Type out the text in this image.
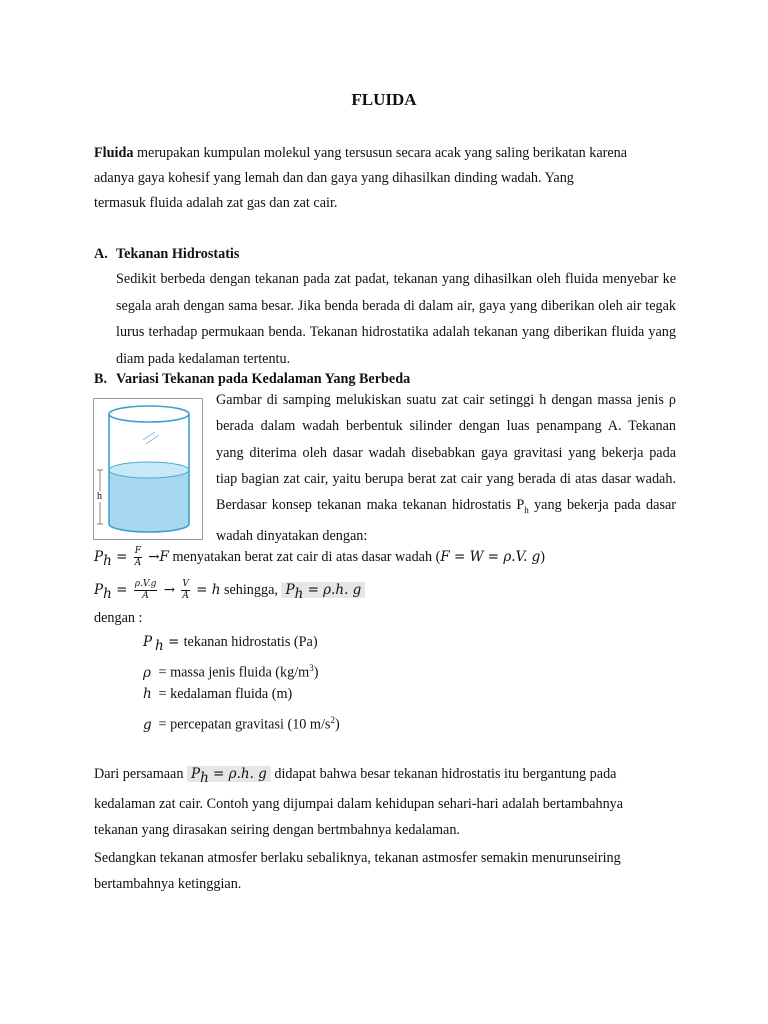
FLUIDA
Fluida merupakan kumpulan molekul yang tersusun secara acak yang saling berikatan karena
adanya gaya kohesif yang lemah dan dan gaya yang dihasilkan dinding wadah. Yang
termasuk fluida adalah zat gas dan zat cair.
A. Tekanan Hidrostatis
Sedikit berbeda dengan tekanan pada zat padat, tekanan yang dihasilkan oleh fluida menyebar ke segala arah dengan sama besar. Jika benda berada di dalam air, gaya yang diberikan oleh air tegak lurus terhadap permukaan benda. Tekanan hidrostatika adalah tekanan yang diberikan fluida yang diam pada kedalaman tertentu.
B. Variasi Tekanan pada Kedalaman Yang Berbeda
h
Gambar di samping melukiskan suatu zat cair setinggi h dengan massa jenis ρ berada dalam wadah berbentuk silinder dengan luas penampang A. Tekanan yang diterima oleh dasar wadah disebabkan gaya gravitasi yang bekerja pada tiap bagian zat cair, yaitu berupa berat zat cair yang berada di atas dasar wadah. Berdasar konsep tekanan maka tekanan hidrostatis $P_h$ yang bekerja pada dasar wadah dinyatakan dengan:
$P_h = \frac{F}{A} \to F$ menyatakan berat zat cair di atas dasar wadah (F = W = ρ.V. g)
$P_h = \frac{\rho.V.g}{A} \to \frac{V}{A} = h$ sehingga, $P_h = \rho.h$. g
dengan :
P $_h$ = tekanan hidrostatis (Pa)
ρ = massa jenis fluida $(kg/m^3)$
h = kedalaman fluida (m)
g = percepatan gravitasi (10 $m/s^2$)
Dari persamaan $P_h = \rho.h$. g didapat bahwa besar tekanan hidrostatis itu bergantung pada
kedalaman zat cair. Contoh yang dijumpai dalam kehidupan sehari-hari adalah bertambahnya
tekanan yang dirasakan seiring dengan bertmbahnya kedalaman.
Sedangkan tekanan atmosfer berlaku sebaliknya, tekanan astmosfer semakin menurunseiring
bertambahnya ketinggian.
